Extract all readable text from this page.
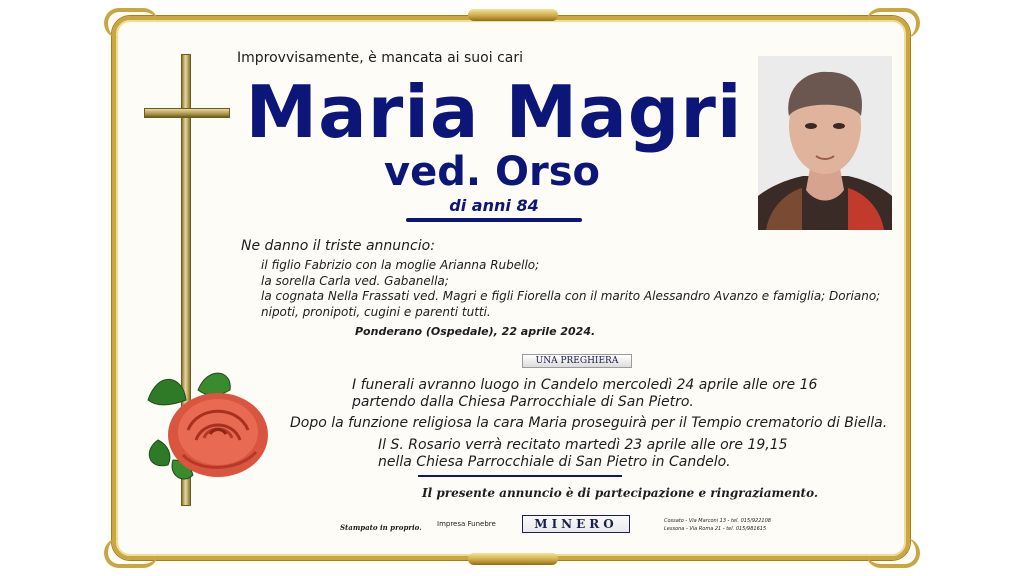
Improvvisamente, è mancata ai suoi cari
Maria Magri
ved. Orso
di anni 84
Ne danno il triste annuncio:
il figlio Fabrizio con la moglie Arianna Rubello;
la sorella Carla ved. Gabanella;
la cognata Nella Frassati ved. Magri e figli Fiorella con il marito Alessandro Avanzo e famiglia; Doriano;
nipoti, pronipoti, cugini e parenti tutti.
Ponderano (Ospedale), 22 aprile 2024.
UNA PREGHIERA
I funerali avranno luogo in Candelo mercoledì 24 aprile alle ore 16
partendo dalla Chiesa Parrocchiale di San Pietro.
Dopo la funzione religiosa la cara Maria proseguirà per il Tempio crematorio di Biella.
Il S. Rosario verrà recitato martedì 23 aprile alle ore 19,15
nella Chiesa Parrocchiale di San Pietro in Candelo.
Il presente annuncio è di partecipazione e ringraziamento.
Stampato in proprio. Impresa Funebre	MINERO	Cossato - Via Marconi 13 - tel. 015/922108
Lessona - Via Roma 21 - tel. 015/981615
